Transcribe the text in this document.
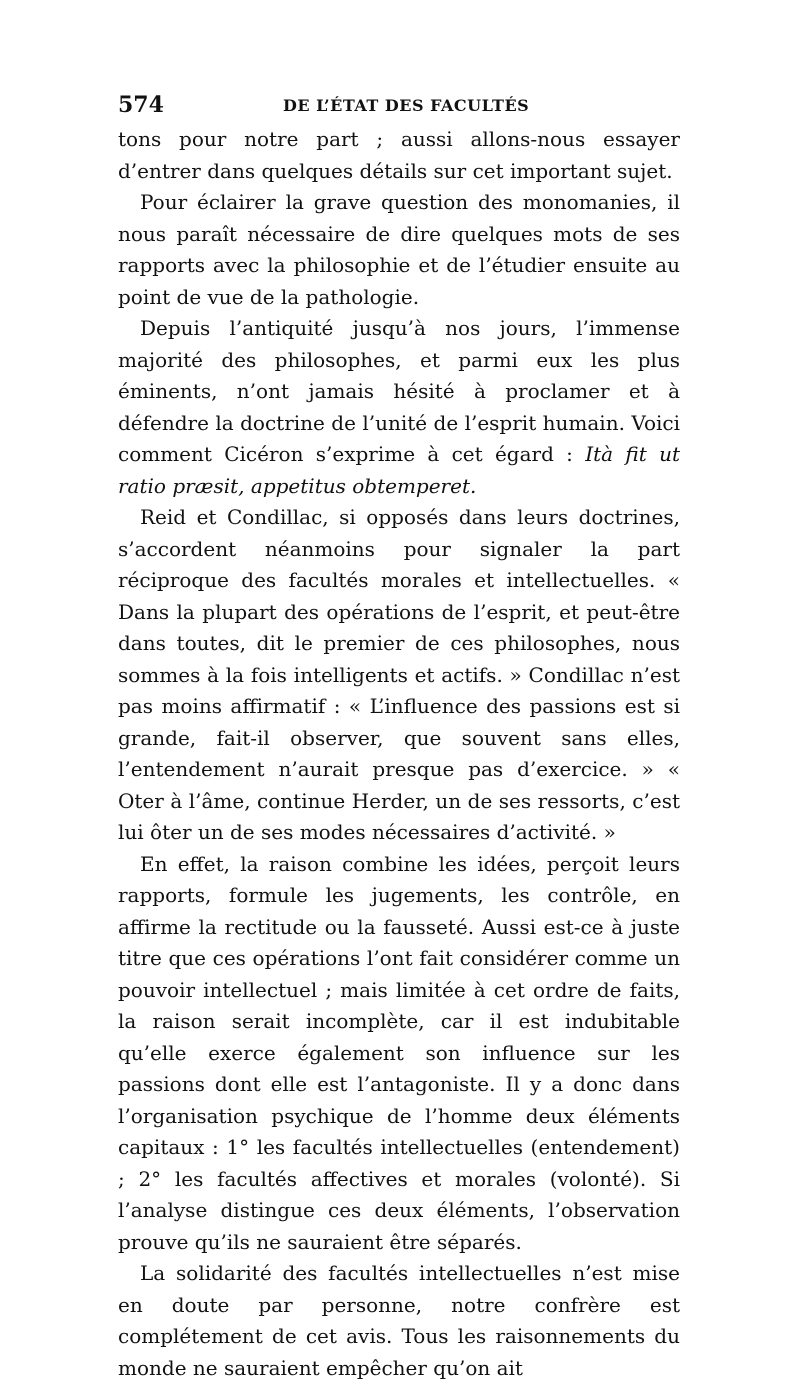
574	DE L’ÉTAT DES FACULTÉS

tons pour notre part ; aussi allons-nous essayer d’entrer dans quelques détails sur cet important sujet.

Pour éclairer la grave question des monomanies, il nous paraît nécessaire de dire quelques mots de ses rapports avec la philosophie et de l’étudier ensuite au point de vue de la pathologie.

Depuis l’antiquité jusqu’à nos jours, l’immense majorité des philosophes, et parmi eux les plus éminents, n’ont jamais hésité à proclamer et à défendre la doctrine de l’unité de l’esprit humain. Voici comment Cicéron s’exprime à cet égard : Ità fit ut ratio præsit, appetitus obtemperet.

Reid et Condillac, si opposés dans leurs doctrines, s’accordent néanmoins pour signaler la part réciproque des facultés morales et intellectuelles. « Dans la plupart des opérations de l’esprit, et peut-être dans toutes, dit le premier de ces philosophes, nous sommes à la fois intelligents et actifs. » Condillac n’est pas moins affirmatif : « L’influence des passions est si grande, fait-il observer, que souvent sans elles, l’entendement n’aurait presque pas d’exercice. » « Oter à l’âme, continue Herder, un de ses ressorts, c’est lui ôter un de ses modes nécessaires d’activité. »

En effet, la raison combine les idées, perçoit leurs rapports, formule les jugements, les contrôle, en affirme la rectitude ou la fausseté. Aussi est-ce à juste titre que ces opérations l’ont fait considérer comme un pouvoir intellectuel ; mais limitée à cet ordre de faits, la raison serait incomplète, car il est indubitable qu’elle exerce également son influence sur les passions dont elle est l’antagoniste. Il y a donc dans l’organisation psychique de l’homme deux éléments capitaux : 1° les facultés intellectuelles (entendement) ; 2° les facultés affectives et morales (volonté). Si l’analyse distingue ces deux éléments, l’observation prouve qu’ils ne sauraient être séparés.

La solidarité des facultés intellectuelles n’est mise en doute par personne, notre confrère est complétement de cet avis. Tous les raisonnements du monde ne sauraient empêcher qu’on ait
